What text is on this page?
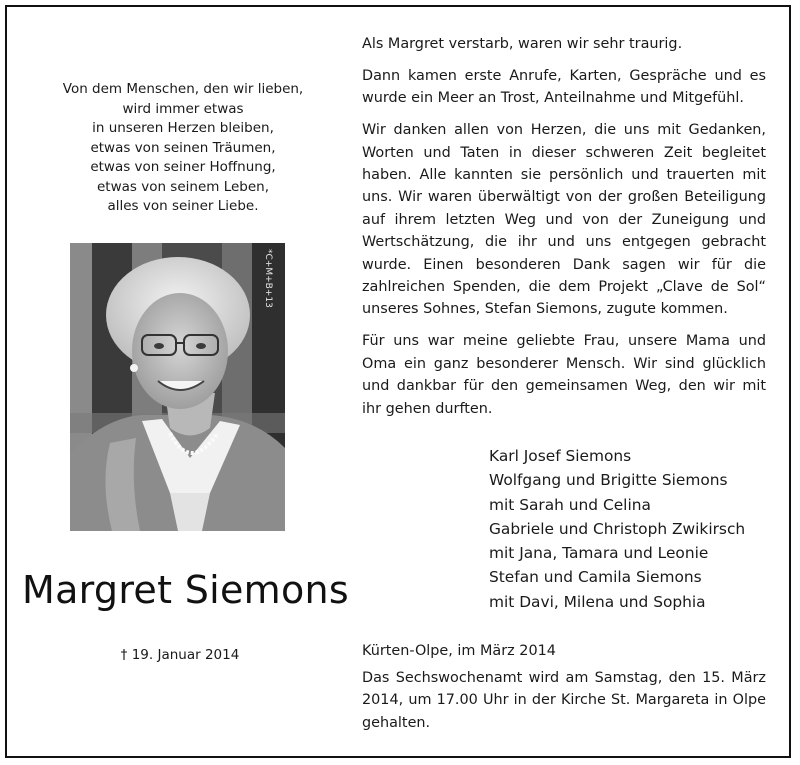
Von dem Menschen, den wir lieben,
wird immer etwas
in unseren Herzen bleiben,
etwas von seinen Träumen,
etwas von seiner Hoffnung,
etwas von seinem Leben,
alles von seiner Liebe.
*C+M+B+13
Margret Siemons
† 19. Januar 2014

Als Margret verstarb, waren wir sehr traurig.

Dann kamen erste Anrufe, Karten, Gespräche und es wurde ein Meer an Trost, Anteilnahme und Mitgefühl.

Wir danken allen von Herzen, die uns mit Gedanken, Worten und Taten in dieser schweren Zeit begleitet haben. Alle kannten sie persönlich und trauerten mit uns. Wir waren überwältigt von der großen Beteiligung auf ihrem letzten Weg und von der Zuneigung und Wertschätzung, die ihr und uns entgegen gebracht wurde. Einen besonderen Dank sagen wir für die zahlreichen Spenden, die dem Projekt „Clave de Sol“ unseres Sohnes, Stefan Siemons, zugute kommen.

Für uns war meine geliebte Frau, unsere Mama und Oma ein ganz besonderer Mensch. Wir sind glücklich und dankbar für den gemeinsamen Weg, den wir mit ihr gehen durften.

Karl Josef Siemons
Wolfgang und Brigitte Siemons
mit Sarah und Celina
Gabriele und Christoph Zwikirsch
mit Jana, Tamara und Leonie
Stefan und Camila Siemons
mit Davi, Milena und Sophia
Kürten-Olpe, im März 2014
Das Sechswochenamt wird am Samstag, den 15. März 2014, um 17.00 Uhr in der Kirche St. Margareta in Olpe gehalten.
